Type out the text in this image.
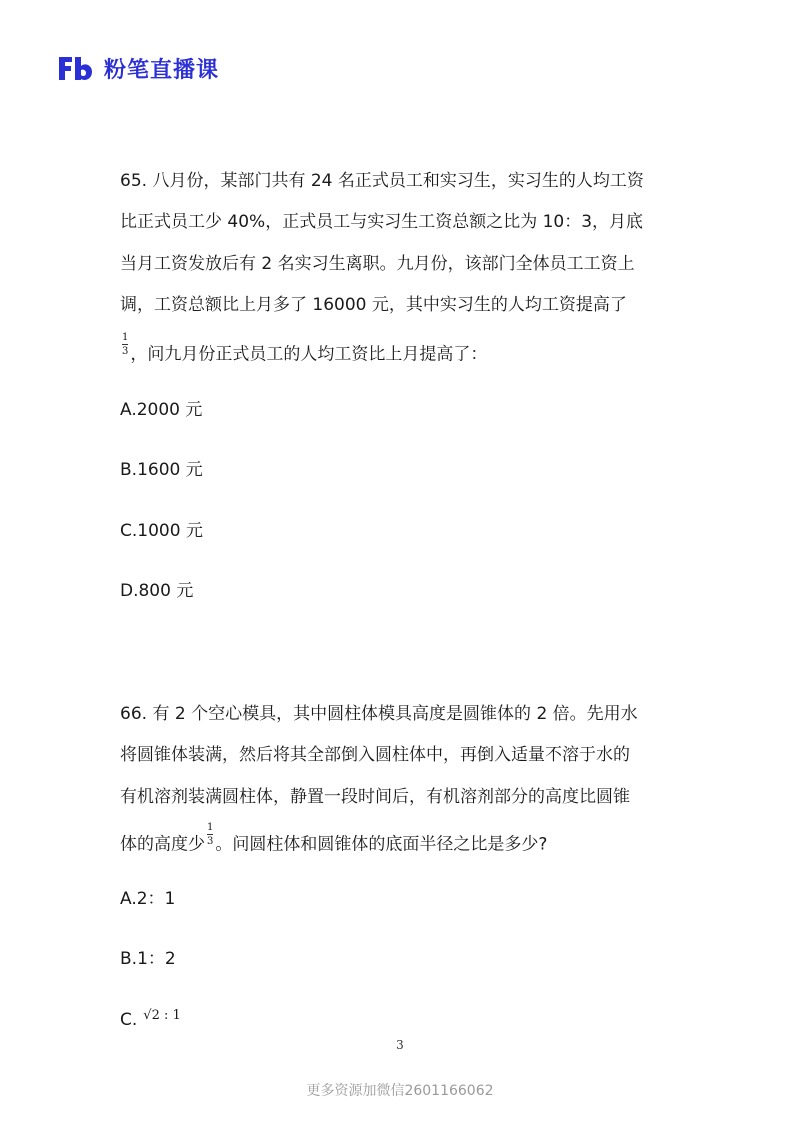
粉笔直播课
65. 八月份，某部门共有 24 名正式员工和实习生，实习生的人均工资
比正式员工少 40%，正式员工与实习生工资总额之比为 10：3，月底
当月工资发放后有 2 名实习生离职。九月份，该部门全体员工工资上
调，工资总额比上月多了 16000 元，其中实习生的人均工资提高了
$\frac{1}{3}$ ，问九月份正式员工的人均工资比上月提高了：
A.2000 元
B.1600 元
C.1000 元
D.800 元
66. 有 2 个空心模具，其中圆柱体模具高度是圆锥体的 2 倍。先用水
将圆锥体装满，然后将其全部倒入圆柱体中，再倒入适量不溶于水的
有机溶剂装满圆柱体，静置一段时间后，有机溶剂部分的高度比圆锥
体的高度少 $\frac{1}{3}$ 。问圆柱体和圆锥体的底面半径之比是多少?
A.2：1
B.1：2
C. $^{√2 : 1}$
3
更多资源加微信2601166062
